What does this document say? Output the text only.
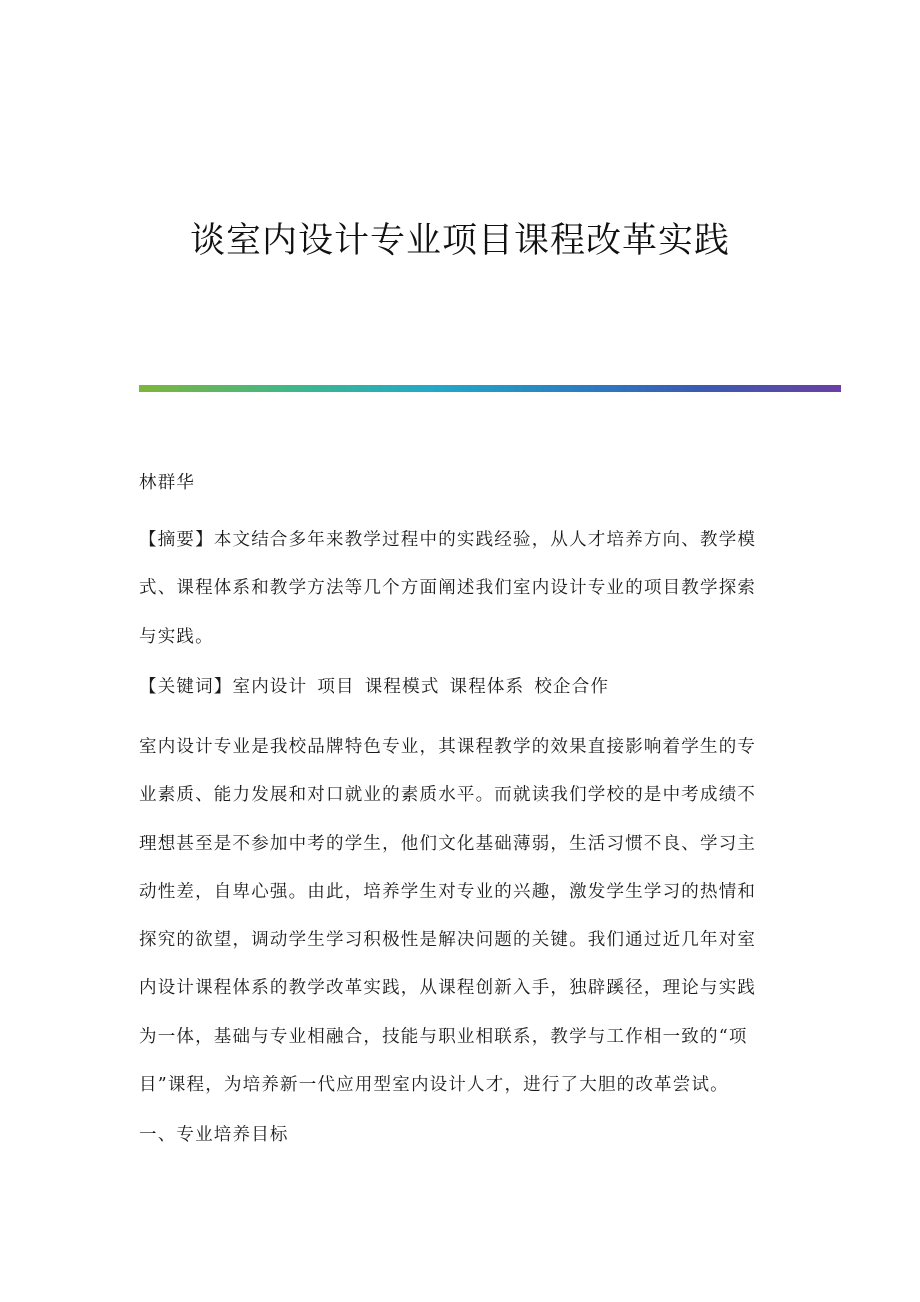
谈室内设计专业项目课程改革实践

林群华

【摘要】本文结合多年来教学过程中的实践经验，从人才培养方向、教学模式、课程体系和教学方法等几个方面阐述我们室内设计专业的项目教学探索与实践。

【关键词】室内设计 项目 课程模式 课程体系 校企合作

室内设计专业是我校品牌特色专业，其课程教学的效果直接影响着学生的专业素质、能力发展和对口就业的素质水平。而就读我们学校的是中考成绩不理想甚至是不参加中考的学生，他们文化基础薄弱，生活习惯不良、学习主动性差，自卑心强。由此，培养学生对专业的兴趣，激发学生学习的热情和探究的欲望，调动学生学习积极性是解决问题的关键。我们通过近几年对室内设计课程体系的教学改革实践，从课程创新入手，独辟蹊径，理论与实践为一体，基础与专业相融合，技能与职业相联系，教学与工作相一致的“项目”课程，为培养新一代应用型室内设计人才，进行了大胆的改革尝试。

一、专业培养目标
